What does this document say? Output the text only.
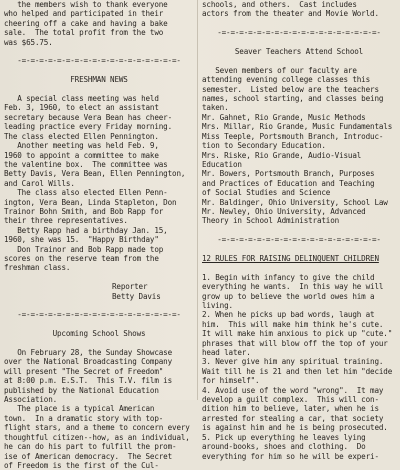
the members wish to thank everyone

who helped and participated in their

cheering off a cake and having a bake

sale.  The total profit from the two

was $65.75.

-=-=-=-=-=-=-=-=-=-=-=-=-=-=-=-=-=-=-

FRESHMAN NEWS

A special class meeting was held

Feb. 3, 1960, to elect an assistant

secretary because Vera Bean has cheer-

leading practice every Friday morning.

The class elected Ellen Pennington.

Another meeting was held Feb. 9,

1960 to appoint a committee to make

the valentine box.  The committee was

Betty Davis, Vera Bean, Ellen Pennington,

and Carol Wills.

The class also elected Ellen Penn-

ington, Vera Bean, Linda Stapleton, Don

Trainor Bohn Smith, and Bob Rapp for

their three representatives.

Betty Rapp had a birthday Jan. 15,

1960, she was 15.  "Happy Birthday"

Don Trainor and Bob Rapp made top

scores on the reserve team from the

freshman class.

Reporter

Betty Davis

-=-=-=-=-=-=-=-=-=-=-=-=-=-=-=-=-=-=-

Upcoming School Shows

On February 28, the Sunday Showcase

over the National Broadcasting Company

will present "The Secret of Freedom"

at 8:00 p.m. E.S.T.  This T.V. film is

published by the National Education

Association.

The place is a typical American

town.  In a dramatic story with top-

flight stars, and a theme to concern every

thoughtful citizen--how, as an individual,

he can do his part to fulfill the prom-

ise of American democracy.  The Secret

of Freedom is the first of the Cul-

schools, and others.  Cast includes

actors from the theater and Movie World.

-=-=-=-=-=-=-=-=-=-=-=-=-=-=-=-=-=-=-

Seaver Teachers Attend School

Seven members of our faculty are

attending evening college classes this

semester.  Listed below are the teachers

names, school starting, and classes being

taken.

Mr. Gahnet, Rio Grande, Music Methods

Mrs. Millar, Rio Grande, Music Fundamentals

Miss Teeple, Portsmouth Branch, Introduc-

tion to Secondary Education.

Mrs. Riske, Rio Grande, Audio-Visual

Education

Mr. Bowers, Portsmouth Branch, Purposes

and Practices of Education and Teaching

of Social Studies and Science

Mr. Baldinger, Ohio University, School Law

Mr. Newley, Ohio University, Advanced

Theory in School Administration

-=-=-=-=-=-=-=-=-=-=-=-=-=-=-=-=-=-=-

12 RULES FOR RAISING DELINQUENT CHILDREN

1. Begin with infancy to give the child

everything he wants.  In this way he will

grow up to believe the world owes him a

living.

2. When he picks up bad words, laugh at

him.  This will make him think he's cute.

It will make him anxious to pick up "cute."

phrases that will blow off the top of your

head later.

3. Never give him any spiritual training.

Wait till he is 21 and then let him "decide

for himself".

4. Avoid use of the word "wrong".  It may

develop a guilt complex.  This will con-

dition him to believe, later, when he is

arrested for stealing a car, that society

is against him and he is being prosecuted.

5. Pick up everything he leaves lying

around-books, shoes and clothing.  Do

everything for him so he will be experi-
